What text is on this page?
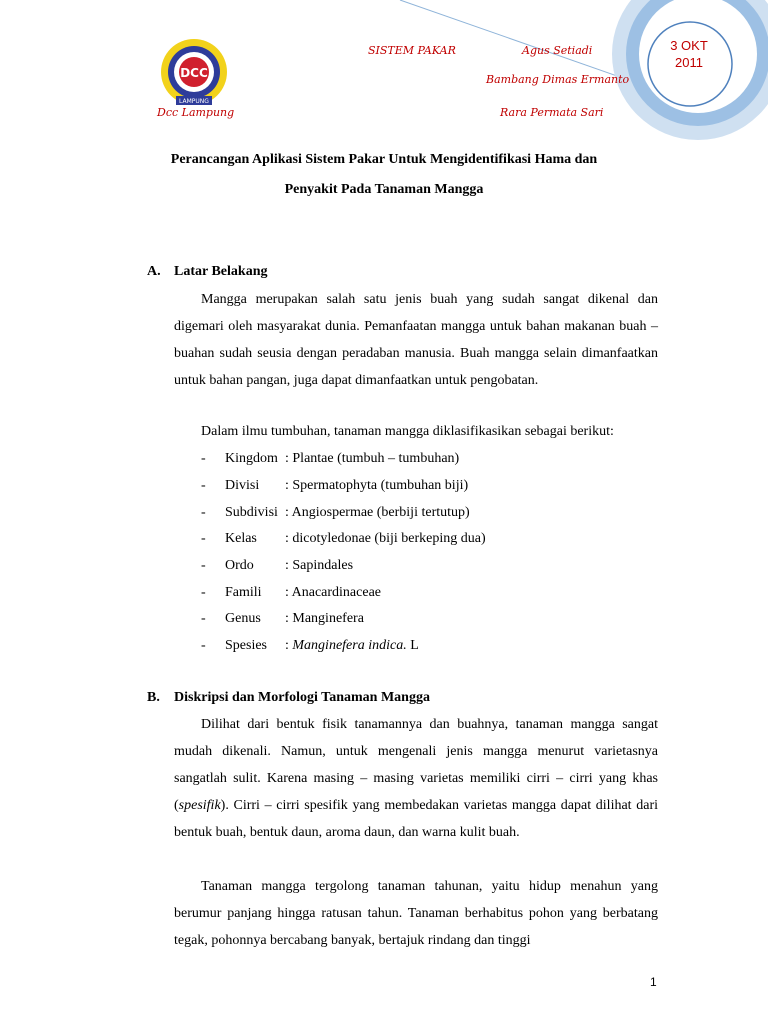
3 OKT
2011
DCC
LAMPUNG
Dcc Lampung
SISTEM PAKAR	Agus Setiadi
Bambang Dimas Ermanto
Rara Permata Sari
Perancangan Aplikasi Sistem Pakar Untuk Mengidentifikasi Hama dan
Penyakit Pada Tanaman Mangga
A. Latar Belakang
Mangga merupakan salah satu jenis buah yang sudah sangat dikenal dan digemari oleh masyarakat dunia. Pemanfaatan mangga untuk bahan makanan buah – buahan sudah seusia dengan peradaban manusia. Buah mangga selain dimanfaatkan untuk bahan pangan, juga dapat dimanfaatkan untuk pengobatan.
Dalam ilmu tumbuhan, tanaman mangga diklasifikasikan sebagai berikut:
- Kingdom : Plantae (tumbuh – tumbuhan)
- Divisi : Spermatophyta (tumbuhan biji)
- Subdivisi : Angiospermae (berbiji tertutup)
- Kelas : dicotyledonae (biji berkeping dua)
- Ordo : Sapindales
- Famili : Anacardinaceae
- Genus : Manginefera
- Spesies : Manginefera indica. L
B. Diskripsi dan Morfologi Tanaman Mangga
Dilihat dari bentuk fisik tanamannya dan buahnya, tanaman mangga sangat mudah dikenali. Namun, untuk mengenali jenis mangga menurut varietasnya sangatlah sulit. Karena masing – masing varietas memiliki cirri – cirri yang khas (spesifik). Cirri – cirri spesifik yang membedakan varietas mangga dapat dilihat dari bentuk buah, bentuk daun, aroma daun, dan warna kulit buah.
Tanaman mangga tergolong tanaman tahunan, yaitu hidup menahun yang berumur panjang hingga ratusan tahun. Tanaman berhabitus pohon yang berbatang tegak, pohonnya bercabang banyak, bertajuk rindang dan tinggi
1
